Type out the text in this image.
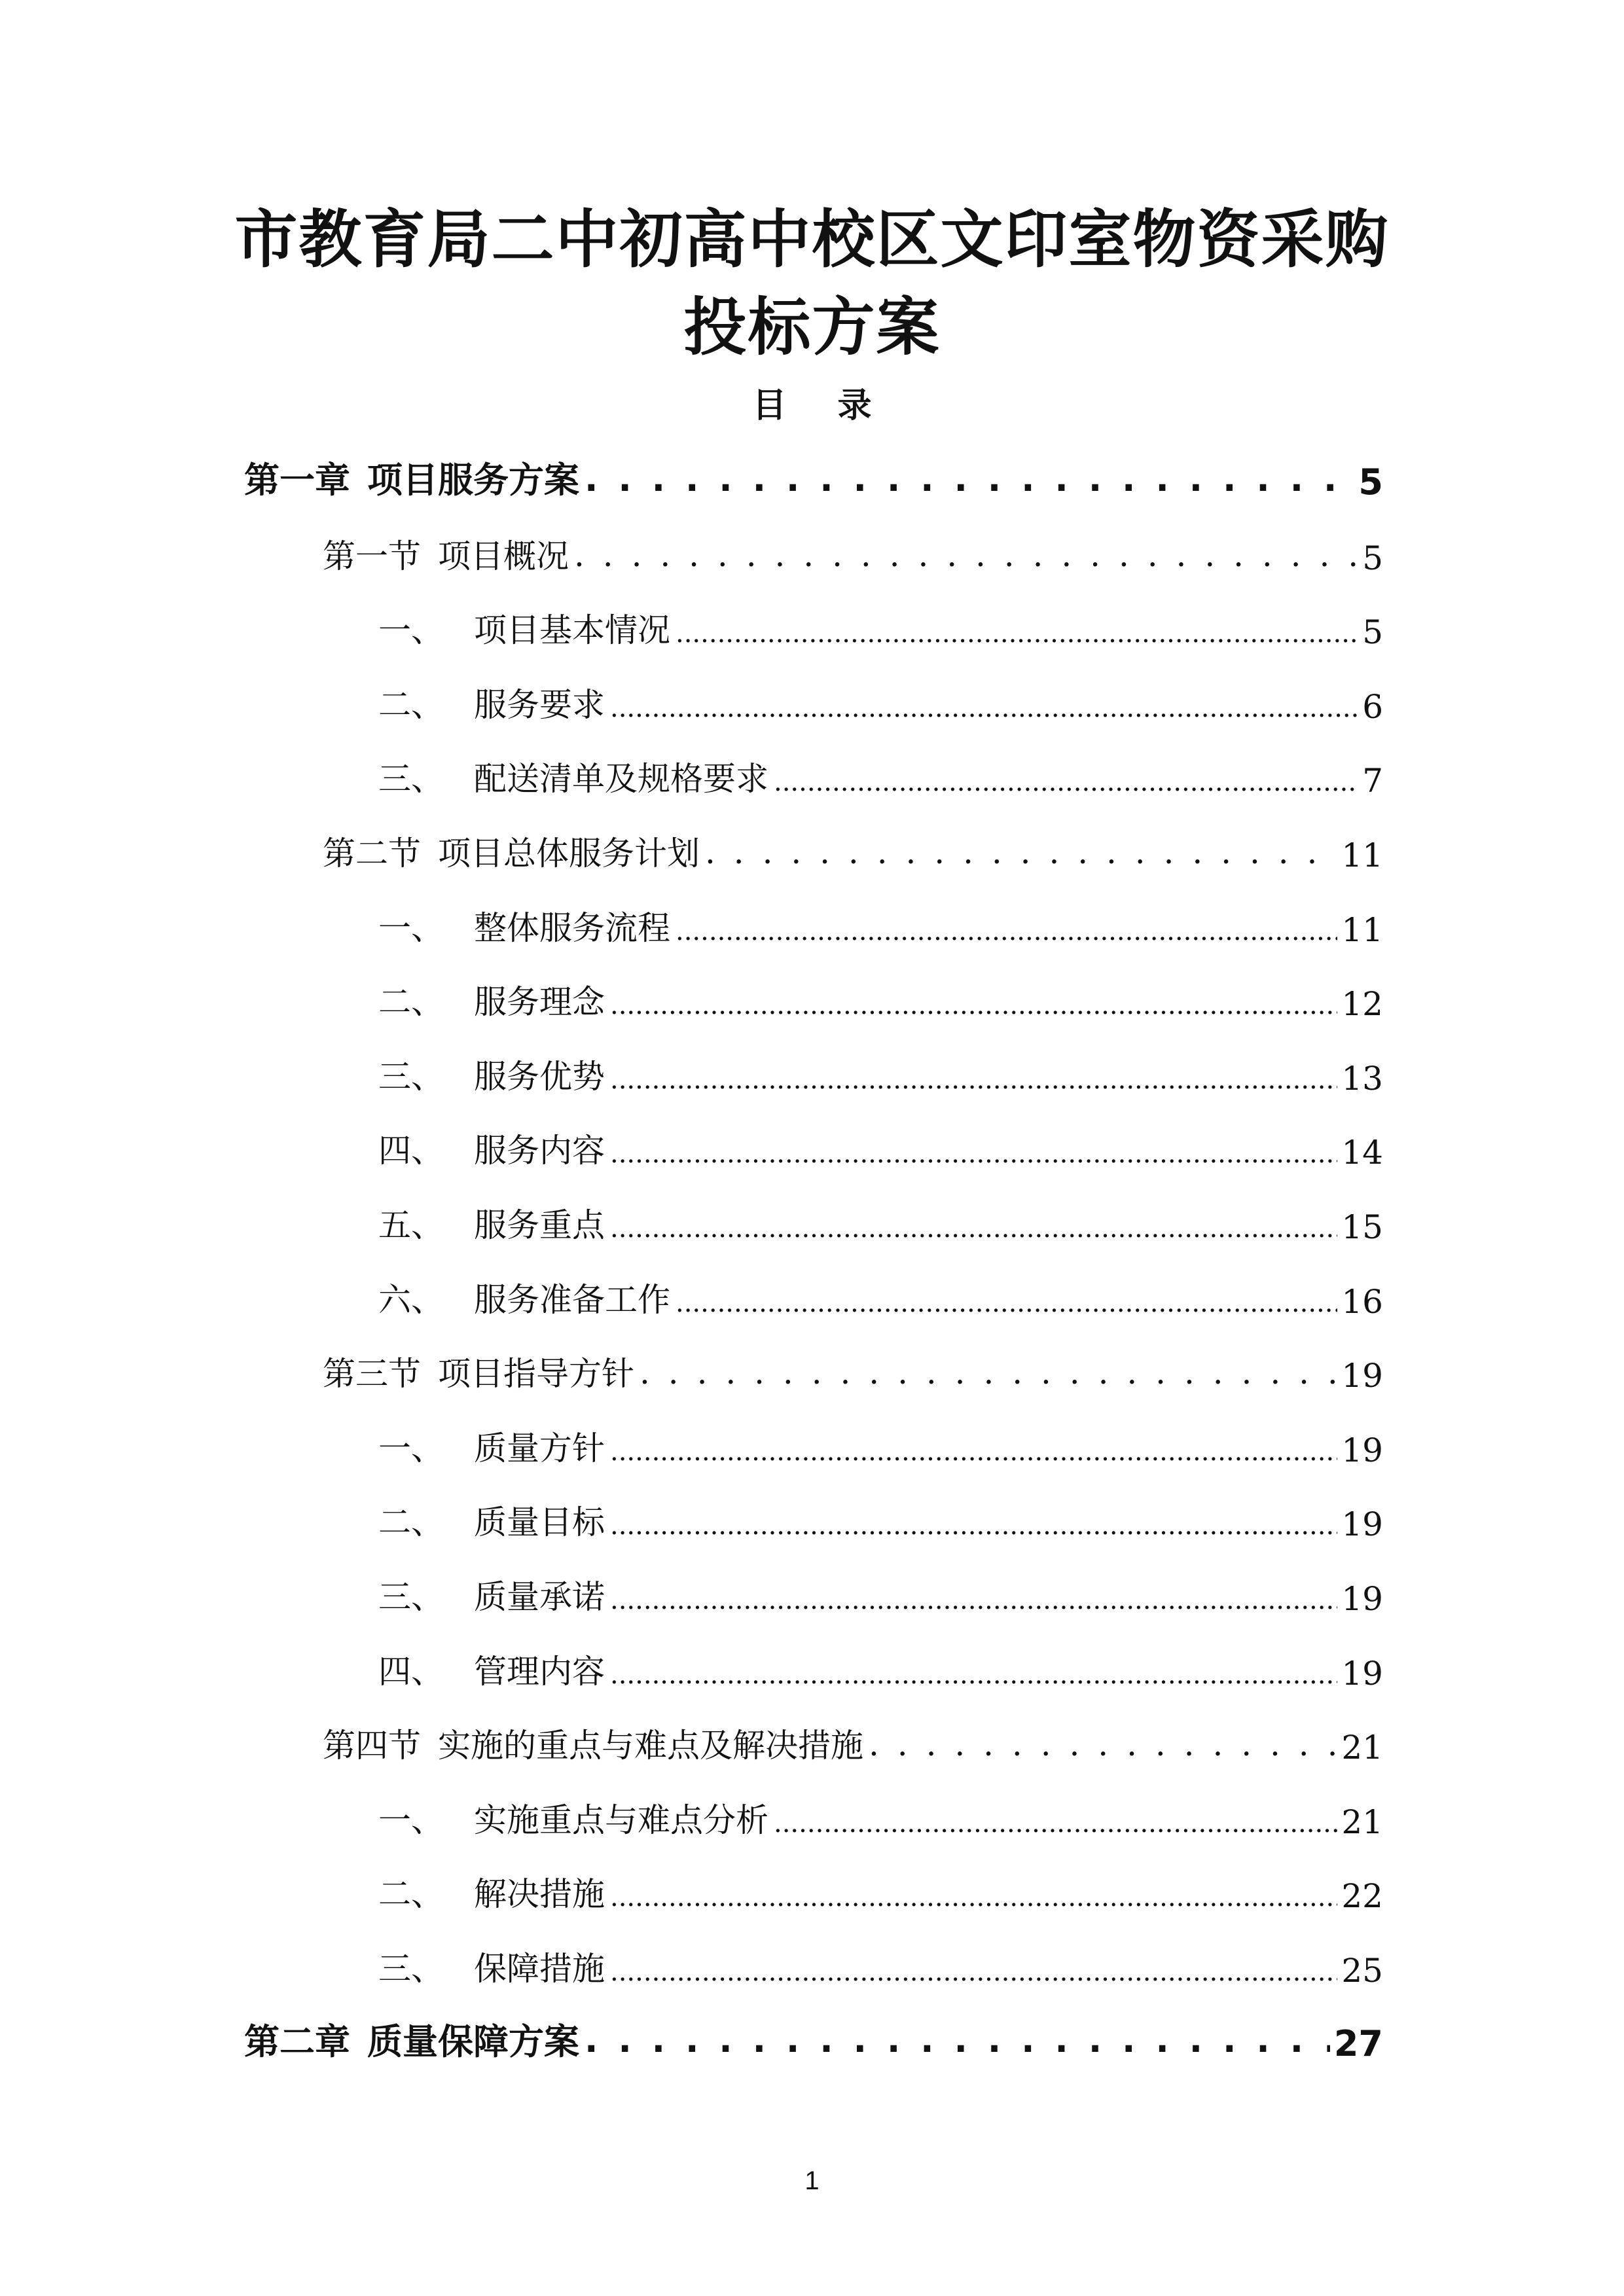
市教育局二中初高中校区文印室物资采购
投标方案
目 录
第一章 项目服务方案 . . .	5
第一节 项目概况 . . .	5
一、 项目基本情况 .....	5
二、 服务要求 .....	6
三、 配送清单及规格要求 .....	7
第二节 项目总体服务计划 . . .	11
一、 整体服务流程 .....	11
二、 服务理念 .....	12
三、 服务优势 .....	13
四、 服务内容 .....	14
五、 服务重点 .....	15
六、 服务准备工作 .....	16
第三节 项目指导方针 . . .	19
一、 质量方针 .....	19
二、 质量目标 .....	19
三、 质量承诺 .....	19
四、 管理内容 .....	19
第四节 实施的重点与难点及解决措施 . . .	21
一、 实施重点与难点分析 .....	21
二、 解决措施 .....	22
三、 保障措施 .....	25
第二章 质量保障方案 . . .	27
1
